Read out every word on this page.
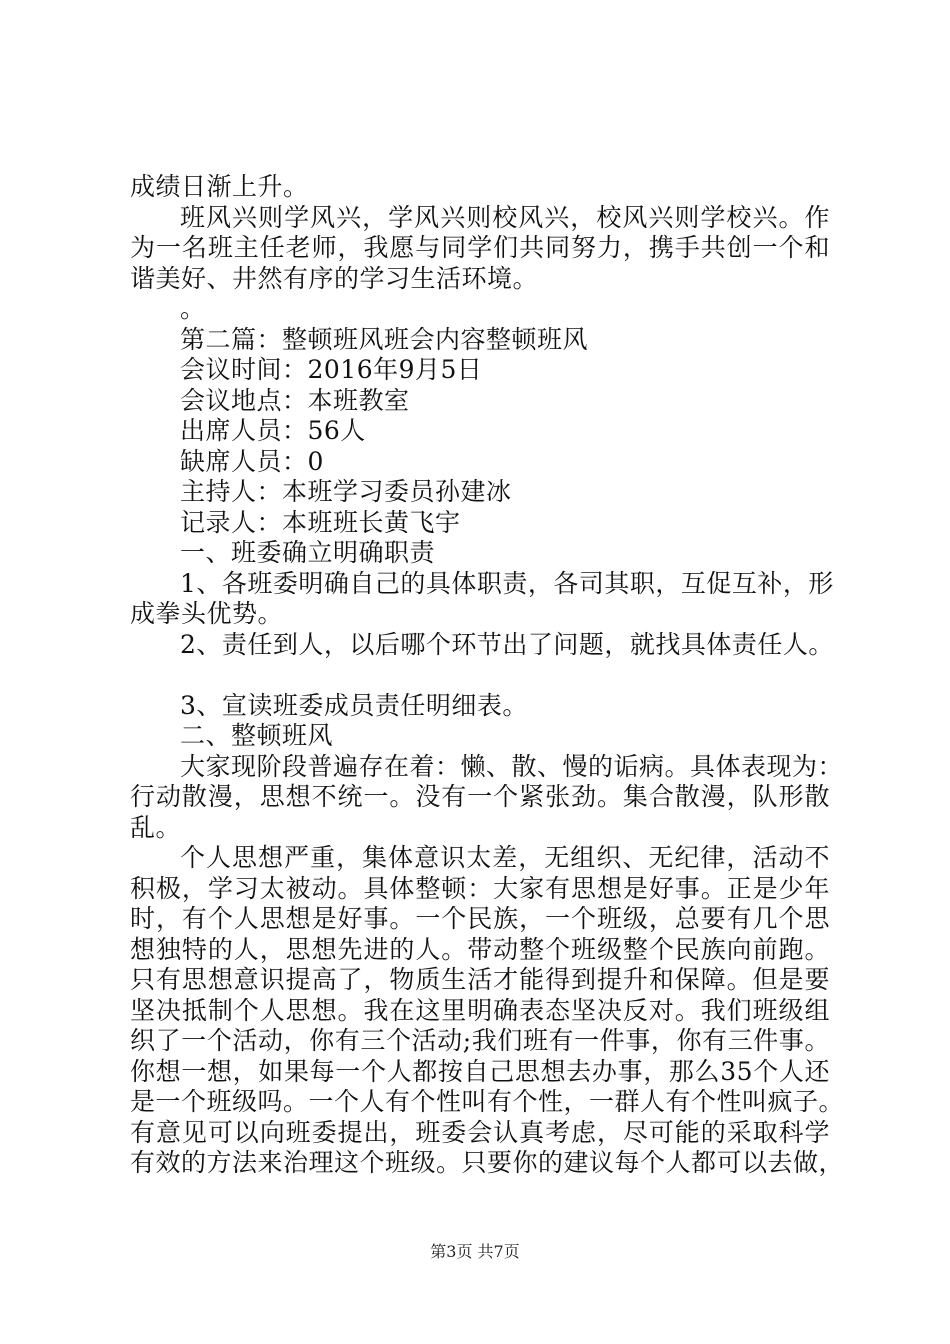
成绩日渐上升。
班风兴则学风兴，学风兴则校风兴，校风兴则学校兴。作
为一名班主任老师，我愿与同学们共同努力，携手共创一个和
谐美好、井然有序的学习生活环境。
。
第二篇：整顿班风班会内容整顿班风
会议时间：2016年9月5日
会议地点：本班教室
出席人员：56人
缺席人员：0
主持人：本班学习委员孙建冰
记录人：本班班长黄飞宇
一、班委确立明确职责
1、各班委明确自己的具体职责，各司其职，互促互补，形
成拳头优势。
2、责任到人，以后哪个环节出了问题，就找具体责任人。
3、宣读班委成员责任明细表。
二、整顿班风
大家现阶段普遍存在着：懒、散、慢的诟病。具体表现为：
行动散漫，思想不统一。没有一个紧张劲。集合散漫，队形散
乱。
个人思想严重，集体意识太差，无组织、无纪律，活动不
积极，学习太被动。具体整顿：大家有思想是好事。正是少年
时，有个人思想是好事。一个民族，一个班级，总要有几个思
想独特的人，思想先进的人。带动整个班级整个民族向前跑。
只有思想意识提高了，物质生活才能得到提升和保障。但是要
坚决抵制个人思想。我在这里明确表态坚决反对。我们班级组
织了一个活动，你有三个活动;我们班有一件事，你有三件事。
你想一想，如果每一个人都按自己思想去办事，那么35个人还
是一个班级吗。一个人有个性叫有个性，一群人有个性叫疯子。
有意见可以向班委提出，班委会认真考虑，尽可能的采取科学
有效的方法来治理这个班级。只要你的建议每个人都可以去做，
第3页 共7页
